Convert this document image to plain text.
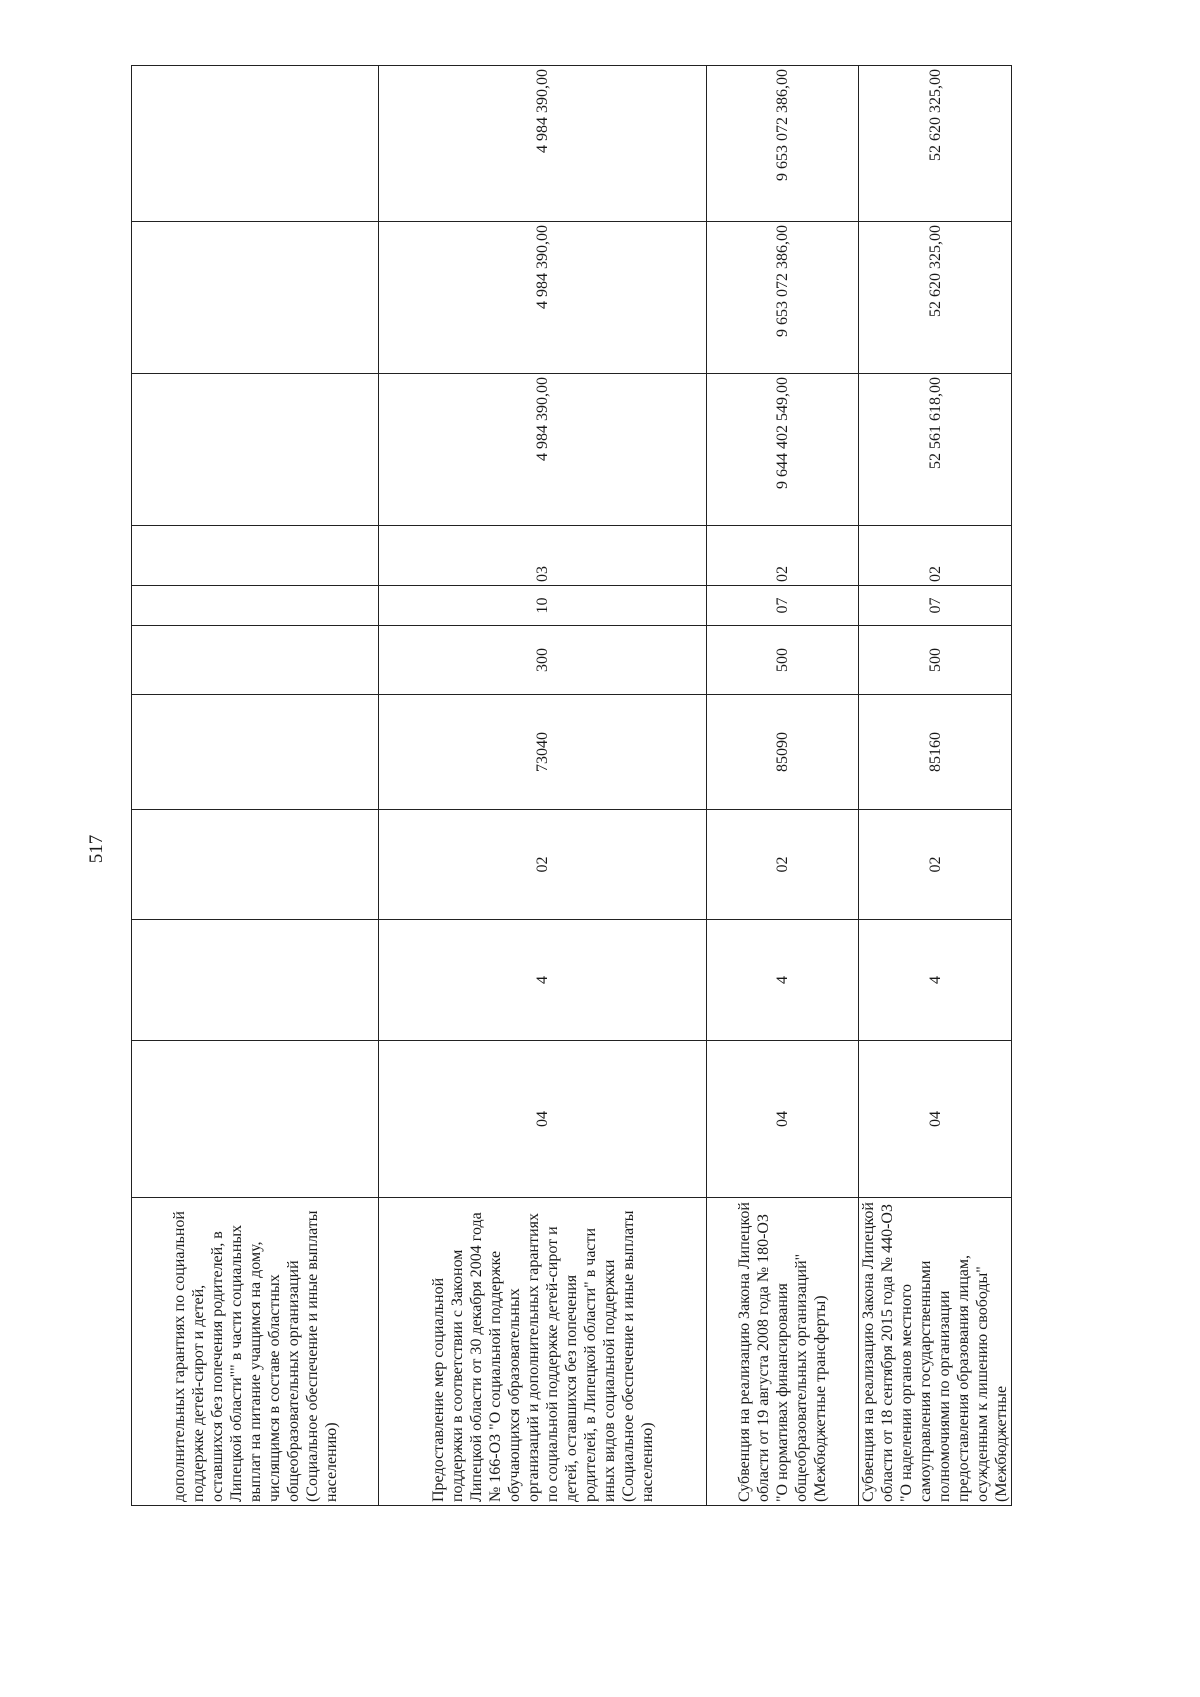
517
дополнительных гарантиях по социальной поддержке детей-сирот и детей, оставшихся без попечения родителей, в Липецкой области"" в части социальных выплат на питание учащимся на дому, числящимся в составе областных общеобразовательных организаций (Социальное обеспечение и иные выплаты населению)										
Предоставление мер социальной поддержки в соответствии с Законом Липецкой области от 30 декабря 2004 года № 166-ОЗ "О социальной поддержке обучающихся образовательных организаций и дополнительных гарантиях по социальной поддержке детей-сирот и детей, оставшихся без попечения родителей, в Липецкой области" в части иных видов социальной поддержки (Социальное обеспечение и иные выплаты населению)	04	4	02	73040	300	10	03	4 984 390,00	4 984 390,00	4 984 390,00
Субвенция на реализацию Закона Липецкой области от 19 августа 2008 года № 180-ОЗ "О нормативах финансирования общеобразовательных организаций" (Межбюджетные трансферты)	04	4	02	85090	500	07	02	9 644 402 549,00	9 653 072 386,00	9 653 072 386,00
Субвенция на реализацию Закона Липецкой области от 18 сентября 2015 года № 440-ОЗ "О наделении органов местного самоуправления государственными полномочиями по организации предоставления образования лицам, осужденным к лишению свободы" (Межбюджетные	04	4	02	85160	500	07	02	52 561 618,00	52 620 325,00	52 620 325,00
